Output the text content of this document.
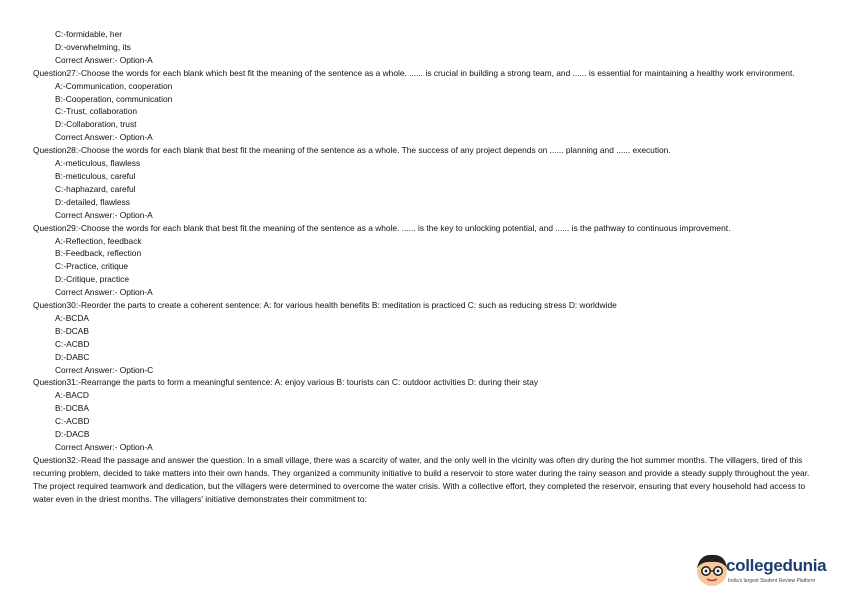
C:-formidable, her
D:-overwhelming, its
Correct Answer:- Option-A
Question27:-Choose the words for each blank which best fit the meaning of the sentence as a whole. ...... is crucial in building a strong team, and ...... is essential for maintaining a healthy work environment.
A:-Communication, cooperation
B:-Cooperation, communication
C:-Trust, collaboration
D:-Collaboration, trust
Correct Answer:- Option-A
Question28:-Choose the words for each blank that best fit the meaning of the sentence as a whole. The success of any project depends on ...... planning and ...... execution.
A:-meticulous, flawless
B:-meticulous, careful
C:-haphazard, careful
D:-detailed, flawless
Correct Answer:- Option-A
Question29:-Choose the words for each blank that best fit the meaning of the sentence as a whole. ...... is the key to unlocking potential, and ...... is the pathway to continuous improvement.
A:-Reflection, feedback
B:-Feedback, reflection
C:-Practice, critique
D:-Critique, practice
Correct Answer:- Option-A
Question30:-Reorder the parts to create a coherent sentence: A: for various health benefits B: meditation is practiced C: such as reducing stress D: worldwide
A:-BCDA
B:-DCAB
C:-ACBD
D:-DABC
Correct Answer:- Option-C
Question31:-Rearrange the parts to form a meaningful sentence: A: enjoy various B: tourists can C: outdoor activities D: during their stay
A:-BACD
B:-DCBA
C:-ACBD
D:-DACB
Correct Answer:- Option-A
Question32:-Read the passage and answer the question. In a small village, there was a scarcity of water, and the only well in the vicinity was often dry during the hot summer months. The villagers, tired of this recurring problem, decided to take matters into their own hands. They organized a community initiative to build a reservoir to store water during the rainy season and provide a steady supply throughout the year. The project required teamwork and dedication, but the villagers were determined to overcome the water crisis. With a collective effort, they completed the reservoir, ensuring that every household had access to water even in the driest months. The villagers' initiative demonstrates their commitment to:
collegedunia
India's largest Student Review Platform
